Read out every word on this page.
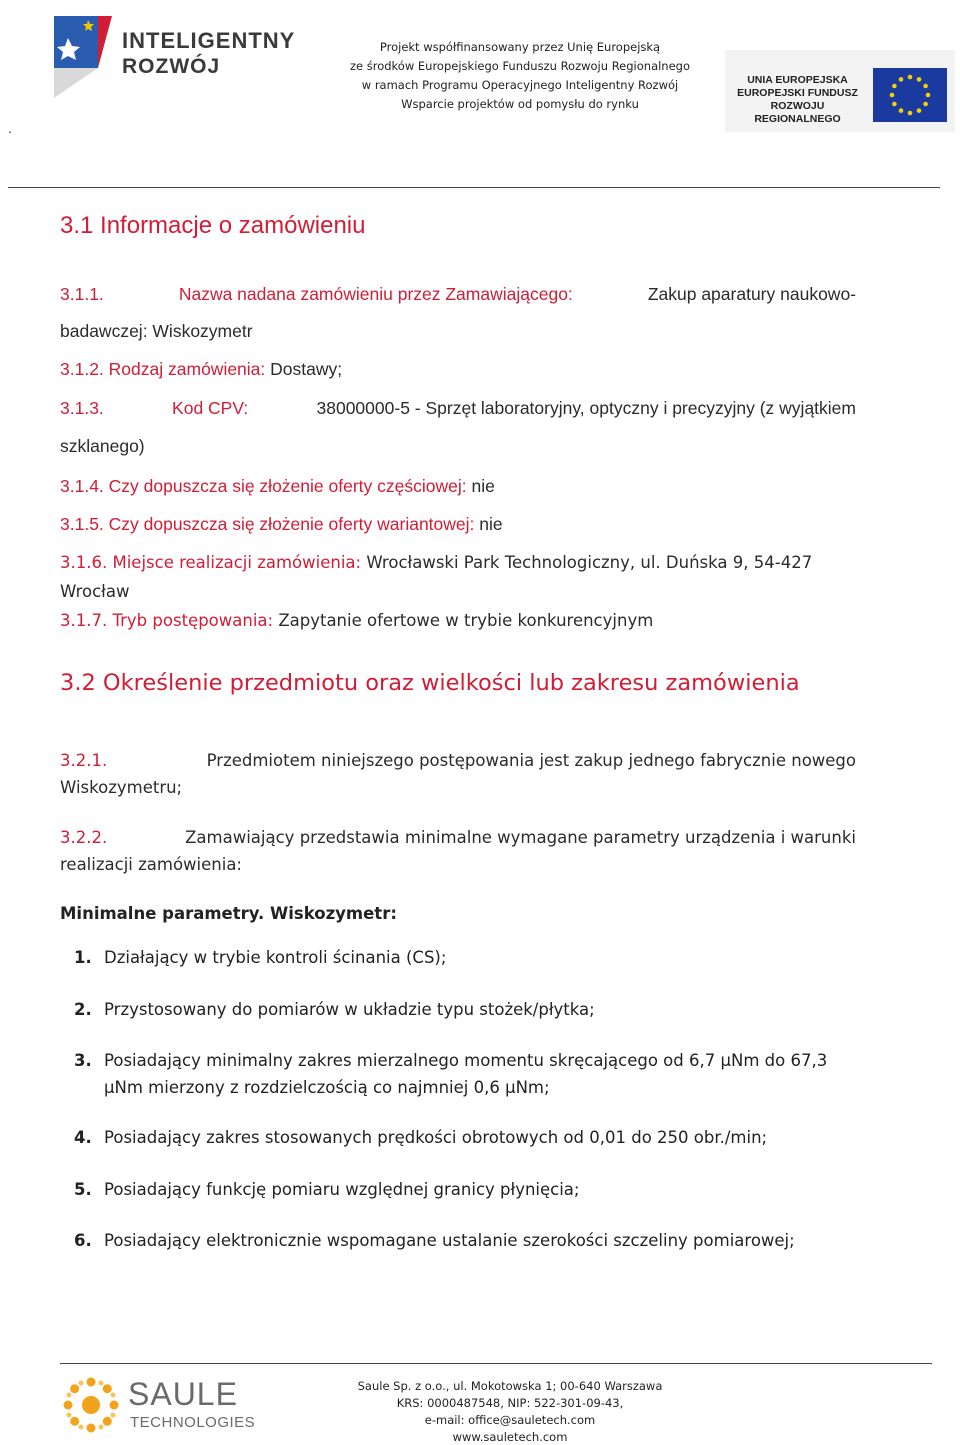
.
INTELIGENTNY
ROZWÓJ
Projekt współfinansowany przez Unię Europejską
ze środków Europejskiego Funduszu Rozwoju Regionalnego
w ramach Programu Operacyjnego Inteligentny Rozwój
Wsparcie projektów od pomysłu do rynku
UNIA EUROPEJSKA
EUROPEJSKI FUNDUSZ
ROZWOJU REGIONALNEGO
3.1 Informacje o zamówieniu
3.1.1.	Nazwa nadana zamówieniu przez Zamawiającego:	Zakup aparatury naukowo-
badawczej: Wiskozymetr
3.1.2. Rodzaj zamówienia: Dostawy;
3.1.3.	Kod CPV:	38000000-5 - Sprzęt laboratoryjny, optyczny i precyzyjny (z wyjątkiem
szklanego)
3.1.4. Czy dopuszcza się złożenie oferty częściowej: nie
3.1.5. Czy dopuszcza się złożenie oferty wariantowej: nie
3.1.6. Miejsce realizacji zamówienia: Wrocławski Park Technologiczny, ul. Duńska 9, 54-427
Wrocław
3.1.7. Tryb postępowania: Zapytanie ofertowe w trybie konkurencyjnym
3.2 Określenie przedmiotu oraz wielkości lub zakresu zamówienia
3.2.1.	Przedmiotem niniejszego postępowania jest zakup jednego fabrycznie nowego
Wiskozymetru;
3.2.2.	Zamawiający przedstawia minimalne wymagane parametry urządzenia i warunki
realizacji zamówienia:
Minimalne parametry. Wiskozymetr:
1. Działający w trybie kontroli ścinania (CS);
2. Przystosowany do pomiarów w układzie typu stożek/płytka;
3. Posiadający minimalny zakres mierzalnego momentu skręcającego od 6,7 µNm do 67,3
µNm mierzony z rozdzielczością co najmniej 0,6 µNm;
4. Posiadający zakres stosowanych prędkości obrotowych od 0,01 do 250 obr./min;
5. Posiadający funkcję pomiaru względnej granicy płynięcia;
6. Posiadający elektronicznie wspomagane ustalanie szerokości szczeliny pomiarowej;
SAULE
TECHNOLOGIES
Saule Sp. z o.o., ul. Mokotowska 1; 00-640 Warszawa
KRS: 0000487548, NIP: 522-301-09-43,
e-mail: office@sauletech.com
www.sauletech.com
